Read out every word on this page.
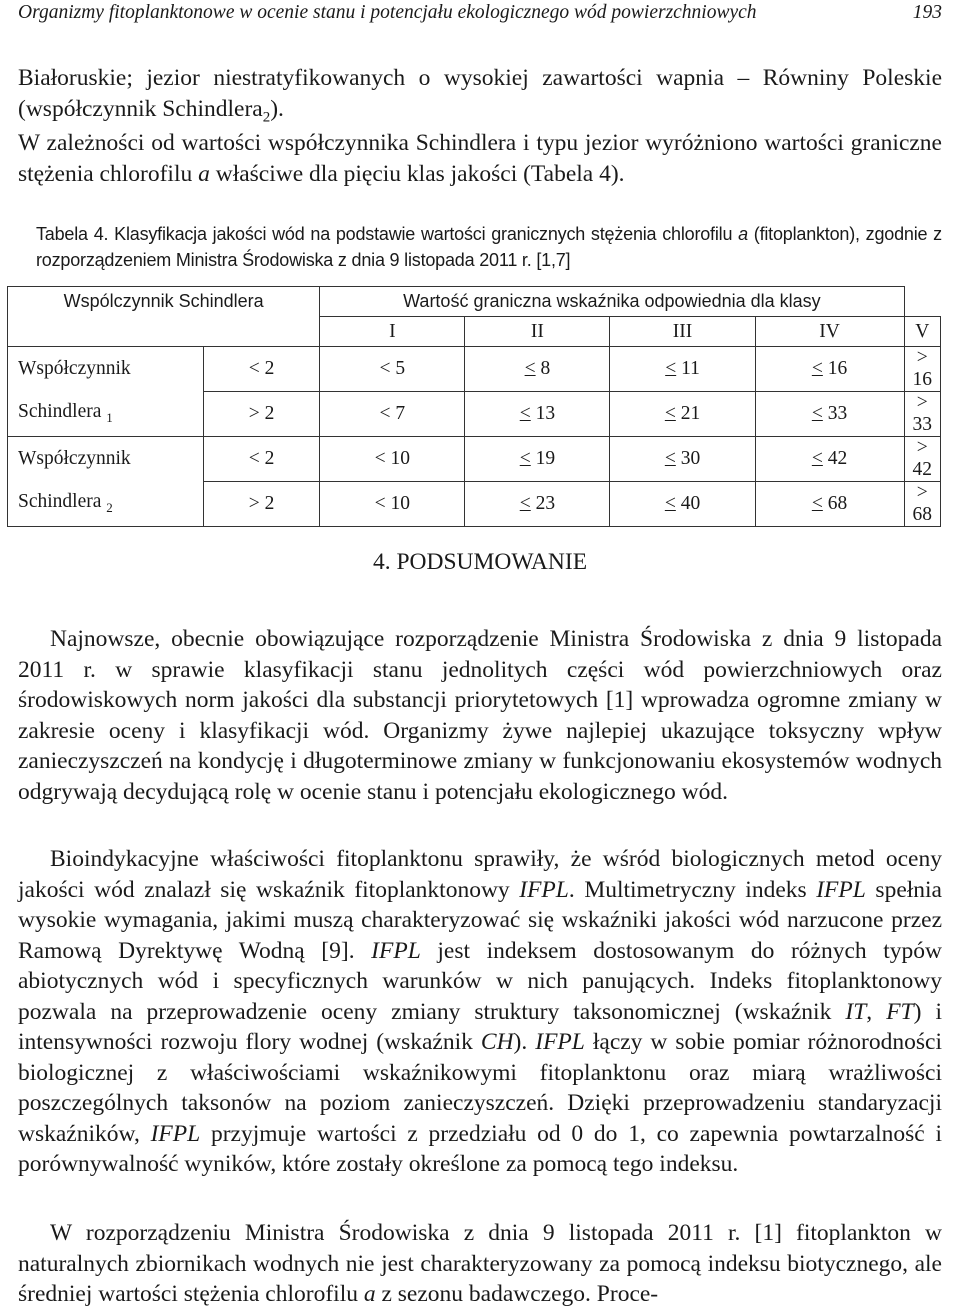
Organizmy fitoplanktonowe w ocenie stanu i potencjału ekologicznego wód powierzchniowych	193
Białoruskie; jezior niestratyfikowanych o wysokiej zawartości wapnia – Równiny Poleskie (współczynnik Schindlera$_2$).
W zależności od wartości współczynnika Schindlera i typu jezior wyróżniono wartości graniczne stężenia chlorofilu a właściwe dla pięciu klas jakości (Tabela 4).
Tabela 4. Klasyfikacja jakości wód na podstawie wartości granicznych stężenia chlorofilu a (fitoplankton), zgodnie z rozporządzeniem Ministra Środowiska z dnia 9 listopada 2011 r. [1,7]
Wspólczynnik Schindlera		Wartość graniczna wskaźnika odpowiednia dla klasy				
		I	II	III	IV	V
Współczynnik	< 2	< 5	< 8	< 11	< 16	> 16
Schindlera $_1$	> 2	< 7	< 13	< 21	< 33	> 33
Współczynnik	< 2	< 10	< 19	< 30	< 42	> 42
Schindlera $_2$	> 2	< 10	< 23	< 40	< 68	> 68
4. PODSUMOWANIE
Najnowsze, obecnie obowiązujące rozporządzenie Ministra Środowiska z dnia 9 listopada 2011 r. w sprawie klasyfikacji stanu jednolitych części wód powierzchniowych oraz środowiskowych norm jakości dla substancji priorytetowych [1] wprowadza ogromne zmiany w zakresie oceny i klasyfikacji wód. Organizmy żywe najlepiej ukazujące toksyczny wpływ zanieczyszczeń na kondycję i długoterminowe zmiany w funkcjonowaniu ekosystemów wodnych odgrywają decydującą rolę w ocenie stanu i potencjału ekologicznego wód.
Bioindykacyjne właściwości fitoplanktonu sprawiły, że wśród biologicznych metod oceny jakości wód znalazł się wskaźnik fitoplanktonowy IFPL. Multimetryczny indeks IFPL spełnia wysokie wymagania, jakimi muszą charakteryzować się wskaźniki jakości wód narzucone przez Ramową Dyrektywę Wodną [9]. IFPL jest indeksem dostosowanym do różnych typów abiotycznych wód i specyficznych warunków w nich panujących. Indeks fitoplanktonowy pozwala na przeprowadzenie oceny zmiany struktury taksonomicznej (wskaźnik IT, FT) i intensywności rozwoju flory wodnej (wskaźnik CH). IFPL łączy w sobie pomiar różnorodności biologicznej z właściwościami wskaźnikowymi fitoplanktonu oraz miarą wrażliwości poszczególnych taksonów na poziom zanieczyszczeń. Dzięki przeprowadzeniu standaryzacji wskaźników, IFPL przyjmuje wartości z przedziału od 0 do 1, co zapewnia powtarzalność i porównywalność wyników, które zostały określone za pomocą tego indeksu.
W rozporządzeniu Ministra Środowiska z dnia 9 listopada 2011 r. [1] fitoplankton w naturalnych zbiornikach wodnych nie jest charakteryzowany za pomocą indeksu biotycznego, ale średniej wartości stężenia chlorofilu a z sezonu badawczego. Proce-
